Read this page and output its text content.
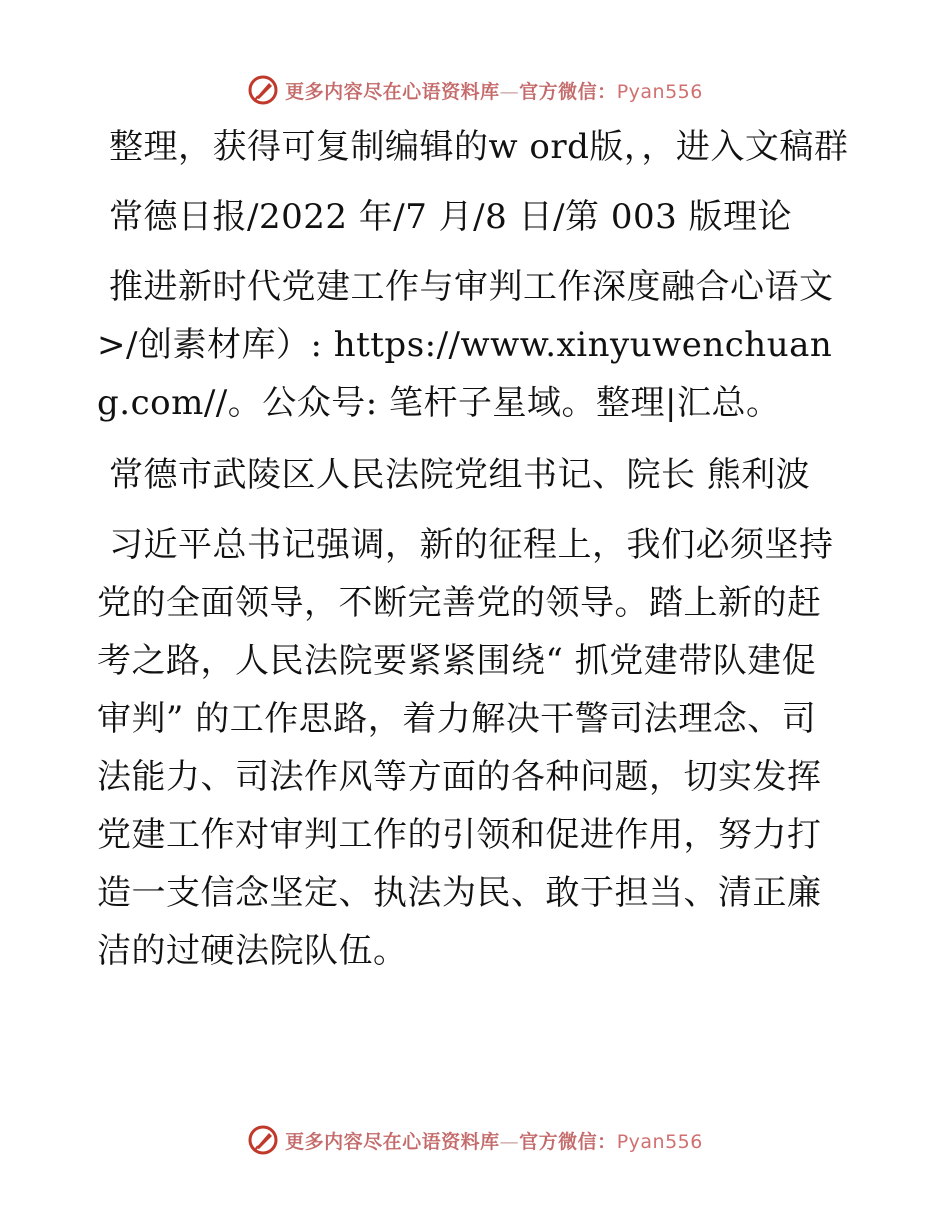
更多内容尽在心语资料库—官方微信：Pyan556

整理，获得可复制编辑的w ord版，，进入文稿群

常德日报/2022 年/7 月/8 日/第 003 版理论

推进新时代党建工作与审判工作深度融合心语文>/创素材库）: https://www.xinyuwenchuang.com//。公众号: 笔杆子星域。整理|汇总。

常德市武陵区人民法院党组书记、院长 熊利波

习近平总书记强调，新的征程上，我们必须坚持党的全面领导，不断完善党的领导。踏上新的赶考之路，人民法院要紧紧围绕“ 抓党建带队建促审判” 的工作思路，着力解决干警司法理念、司法能力、司法作风等方面的各种问题，切实发挥党建工作对审判工作的引领和促进作用，努力打造一支信念坚定、执法为民、敢于担当、清正廉洁的过硬法院队伍。

更多内容尽在心语资料库—官方微信：Pyan556
